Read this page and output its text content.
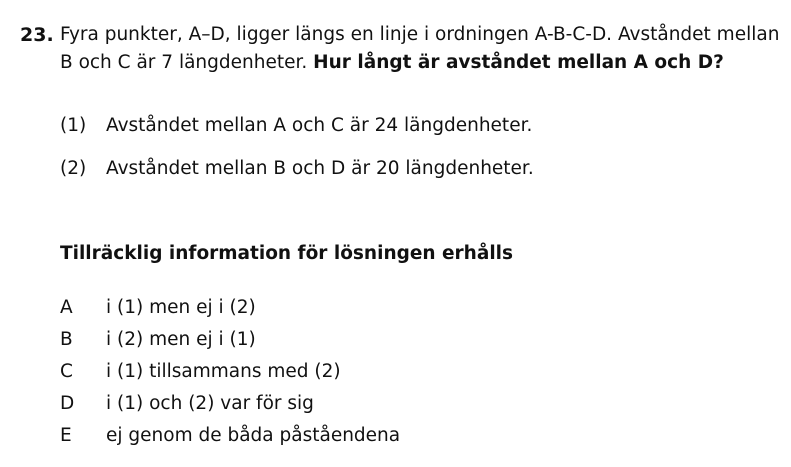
23. Fyra punkter, A–D, ligger längs en linje i ordningen A-B-C-D. Avståndet mellan B och C är 7 längdenheter. Hur långt är avståndet mellan A och D?
(1) Avståndet mellan A och C är 24 längdenheter.
(2) Avståndet mellan B och D är 20 längdenheter.
Tillräcklig information för lösningen erhålls
A i (1) men ej i (2)
B i (2) men ej i (1)
C i (1) tillsammans med (2)
D i (1) och (2) var för sig
E ej genom de båda påståendena
